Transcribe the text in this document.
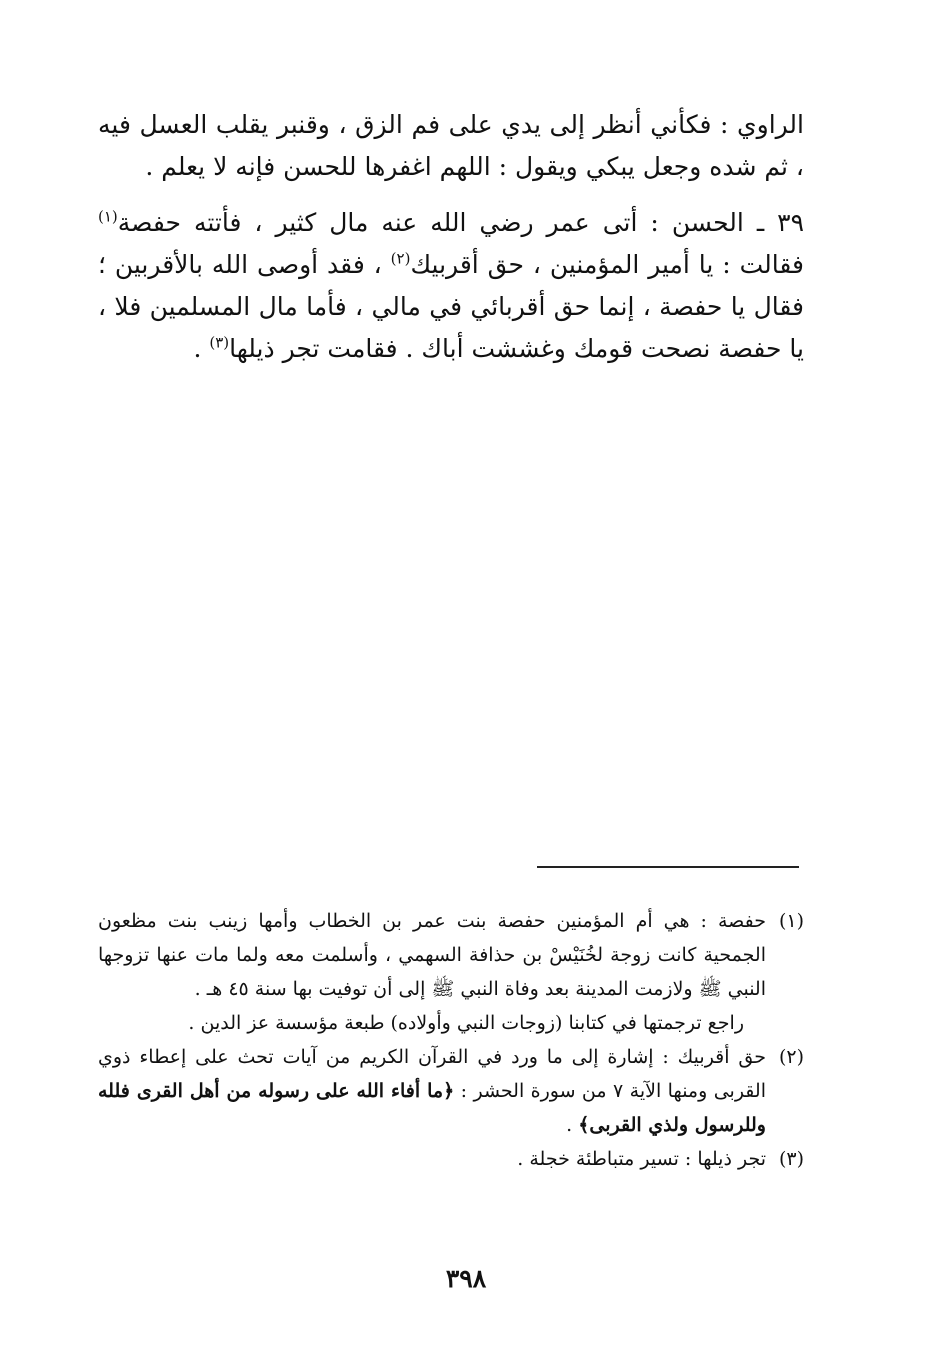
الراوي : فكأني أنظر إلى يدي على فم الزق ، وقنبر يقلب العسل فيه ، ثم شده وجعل يبكي ويقول : اللهم اغفرها للحسن فإنه لا يعلم .

٣٩ ـ الحسن : أتى عمر رضي الله عنه مال كثير ، فأتته حفصة$^{(١)}$ فقالت : يا أمير المؤمنين ، حق أقربيك$^{(٢)}$ ، فقد أوصى الله بالأقربين ؛ فقال يا حفصة ، إنما حق أقربائي في مالي ، فأما مال المسلمين فلا ، يا حفصة نصحت قومك وغششت أباك . فقامت تجر ذيلها$^{(٣)}$ .

(١)
حفصة : هي أم المؤمنين حفصة بنت عمر بن الخطاب وأمها زينب بنت مظعون الجمحية كانت زوجة لخُنَيْسْ بن حذافة السهمي ، وأسلمت معه ولما مات عنها تزوجها النبي ﷺ ولازمت المدينة بعد وفاة النبي ﷺ إلى أن توفيت بها سنة ٤٥ هـ .
راجع ترجمتها في كتابنا (زوجات النبي وأولاده) طبعة مؤسسة عز الدين .
(٢)
حق أقربيك : إشارة إلى ما ورد في القرآن الكريم من آيات تحث على إعطاء ذوي القربى ومنها الآية ٧ من سورة الحشر : ﴿ما أفاء الله على رسوله من أهل القرى فلله وللرسول ولذي القربى﴾ .
(٣)
تجر ذيلها : تسير متباطئة خجلة .
٣٩٨
